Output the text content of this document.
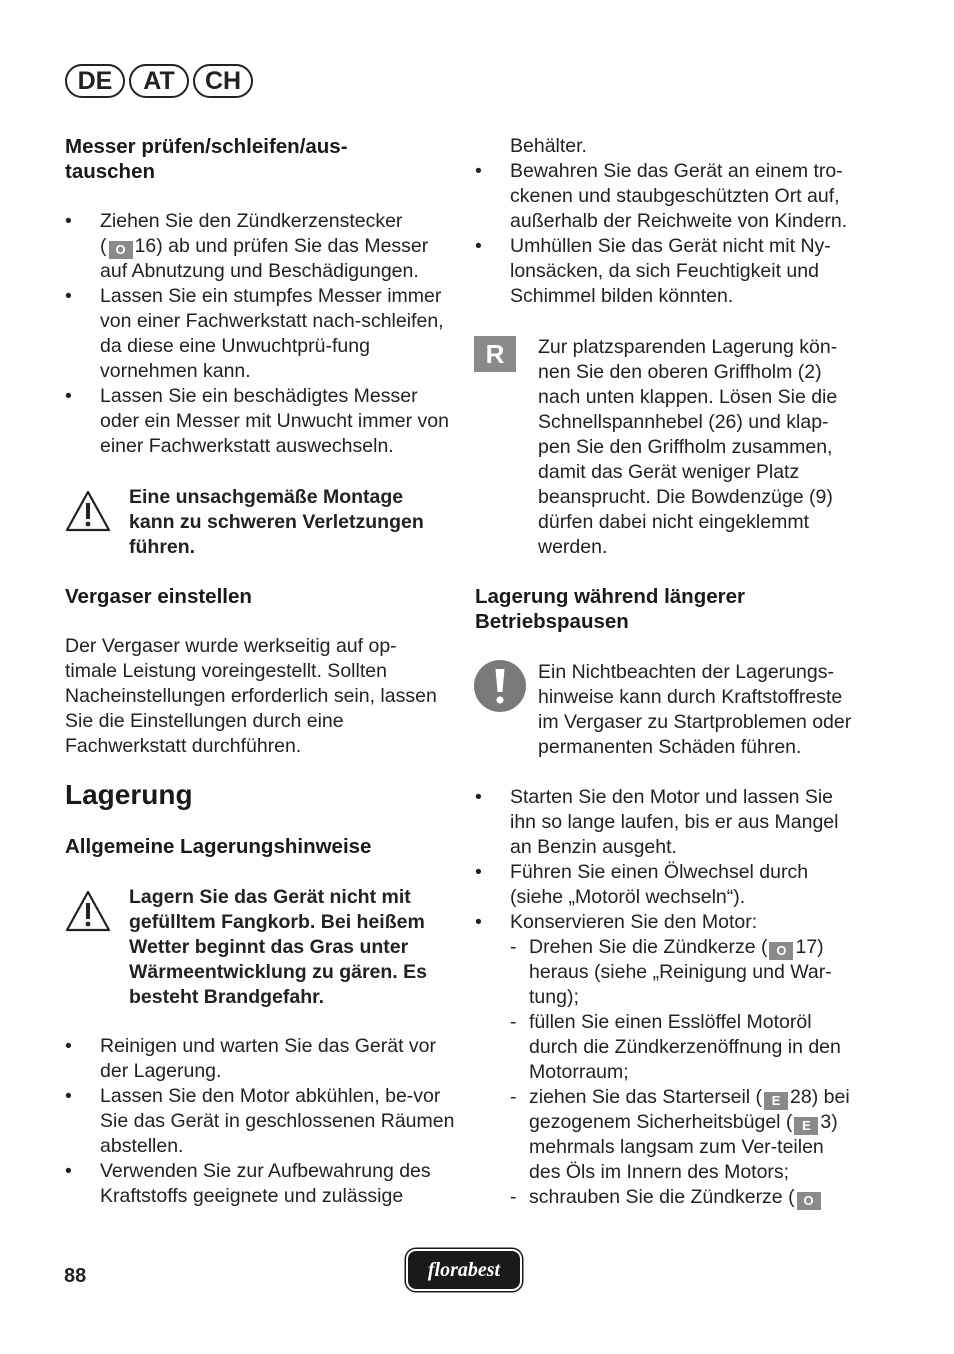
DE	AT	CH
Messer prüfen/schleifen/aus-
tauschen
• Ziehen Sie den Zündkerzenstecker
( O 16) ab und prüfen Sie das Messer auf Abnutzung und Beschädigungen.
• Lassen Sie ein stumpfes Messer immer von einer Fachwerkstatt nach-schleifen, da diese eine Unwuchtprü-fung vornehmen kann.
• Lassen Sie ein beschädigtes Messer oder ein Messer mit Unwucht immer von einer Fachwerkstatt auswechseln.
Eine unsachgemäße Montage kann zu schweren Verletzungen führen.
Vergaser einstellen

Der Vergaser wurde werkseitig auf op-timale Leistung voreingestellt. Sollten Nacheinstellungen erforderlich sein, lassen Sie die Einstellungen durch eine Fachwerkstatt durchführen.

Lagerung
Allgemeine Lagerungshinweise
Lagern Sie das Gerät nicht mit gefülltem Fangkorb. Bei heißem Wetter beginnt das Gras unter Wärmeentwicklung zu gären. Es besteht Brandgefahr.
• Reinigen und warten Sie das Gerät vor der Lagerung.
• Lassen Sie den Motor abkühlen, be-vor Sie das Gerät in geschlossenen Räumen abstellen.
• Verwenden Sie zur Aufbewahrung des Kraftstoffs geeignete und zulässige
Behälter.
• Bewahren Sie das Gerät an einem tro-ckenen und staubgeschützten Ort auf, außerhalb der Reichweite von Kindern.
• Umhüllen Sie das Gerät nicht mit Ny-lonsäcken, da sich Feuchtigkeit und Schimmel bilden könnten.
R	Zur platzsparenden Lagerung kön-nen Sie den oberen Griffholm (2) nach unten klappen. Lösen Sie die Schnellspannhebel (26) und klap-pen Sie den Griffholm zusammen, damit das Gerät weniger Platz beansprucht. Die Bowdenzüge (9) dürfen dabei nicht eingeklemmt werden.

Lagerung während längerer Betriebspausen

Ein Nichtbeachten der Lagerungs-hinweise kann durch Kraftstoffreste im Vergaser zu Startproblemen oder permanenten Schäden führen.

• Starten Sie den Motor und lassen Sie ihn so lange laufen, bis er aus Mangel an Benzin ausgeht.
• Führen Sie einen Ölwechsel durch (siehe „Motoröl wechseln“).
• Konservieren Sie den Motor:
- Drehen Sie die Zündkerze ( O 17) heraus (siehe „Reinigung und War-tung);
- füllen Sie einen Esslöffel Motoröl durch die Zündkerzenöffnung in den Motorraum;
- ziehen Sie das Starterseil ( E 28) bei gezogenem Sicherheitsbügel ( E 3) mehrmals langsam zum Ver-teilen des Öls im Innern des Motors;
- schrauben Sie die Zündkerze ( O
88	florabest
